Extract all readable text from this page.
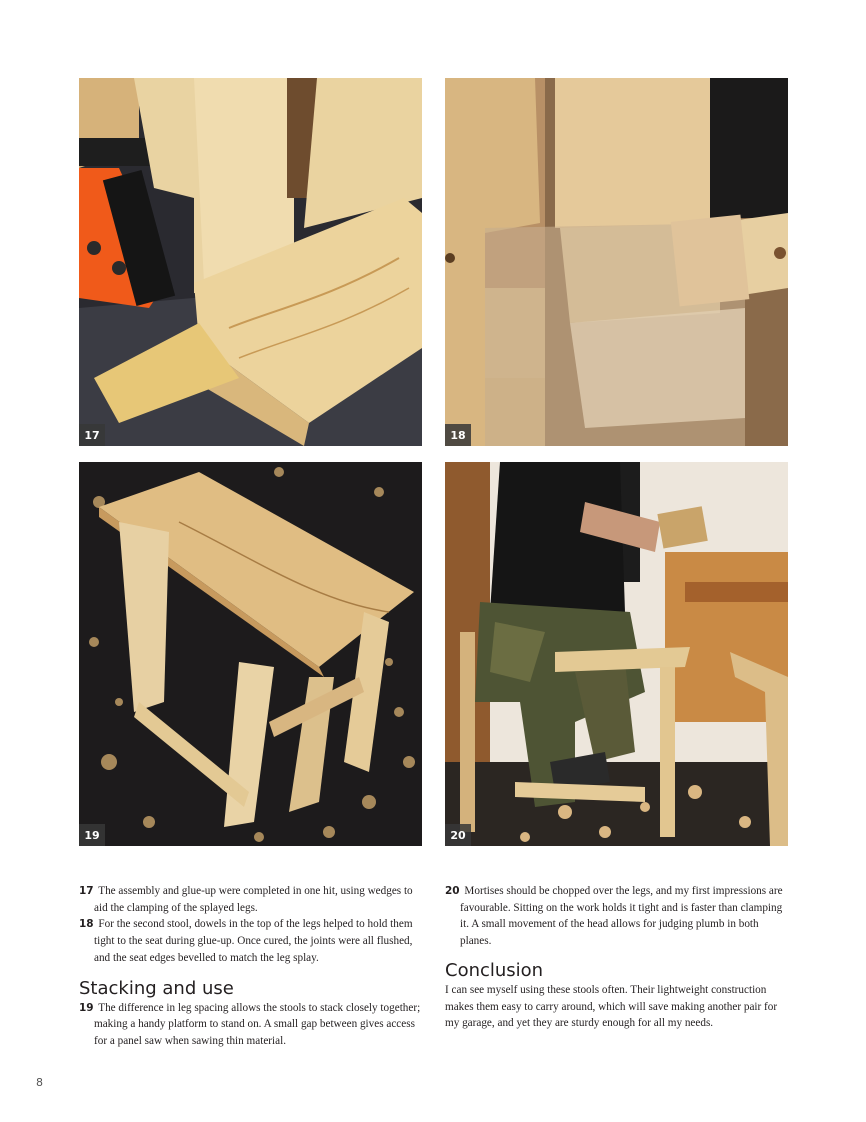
17	18
19	20

17 The assembly and glue-up were completed in one hit, using wedges to aid the clamping of the splayed legs.

18 For the second stool, dowels in the top of the legs helped to hold them tight to the seat during glue-up. Once cured, the joints were all flushed, and the seat edges bevelled to match the leg splay.

Stacking and use

19 The difference in leg spacing allows the stools to stack closely together; making a handy platform to stand on. A small gap between gives access for a panel saw when sawing thin material.

20 Mortises should be chopped over the legs, and my first impressions are favourable. Sitting on the work holds it tight and is faster than clamping it. A small movement of the head allows for judging plumb in both planes.

Conclusion

I can see myself using these stools often. Their lightweight construction makes them easy to carry around, which will save making another pair for my garage, and yet they are sturdy enough for all my needs.

8
